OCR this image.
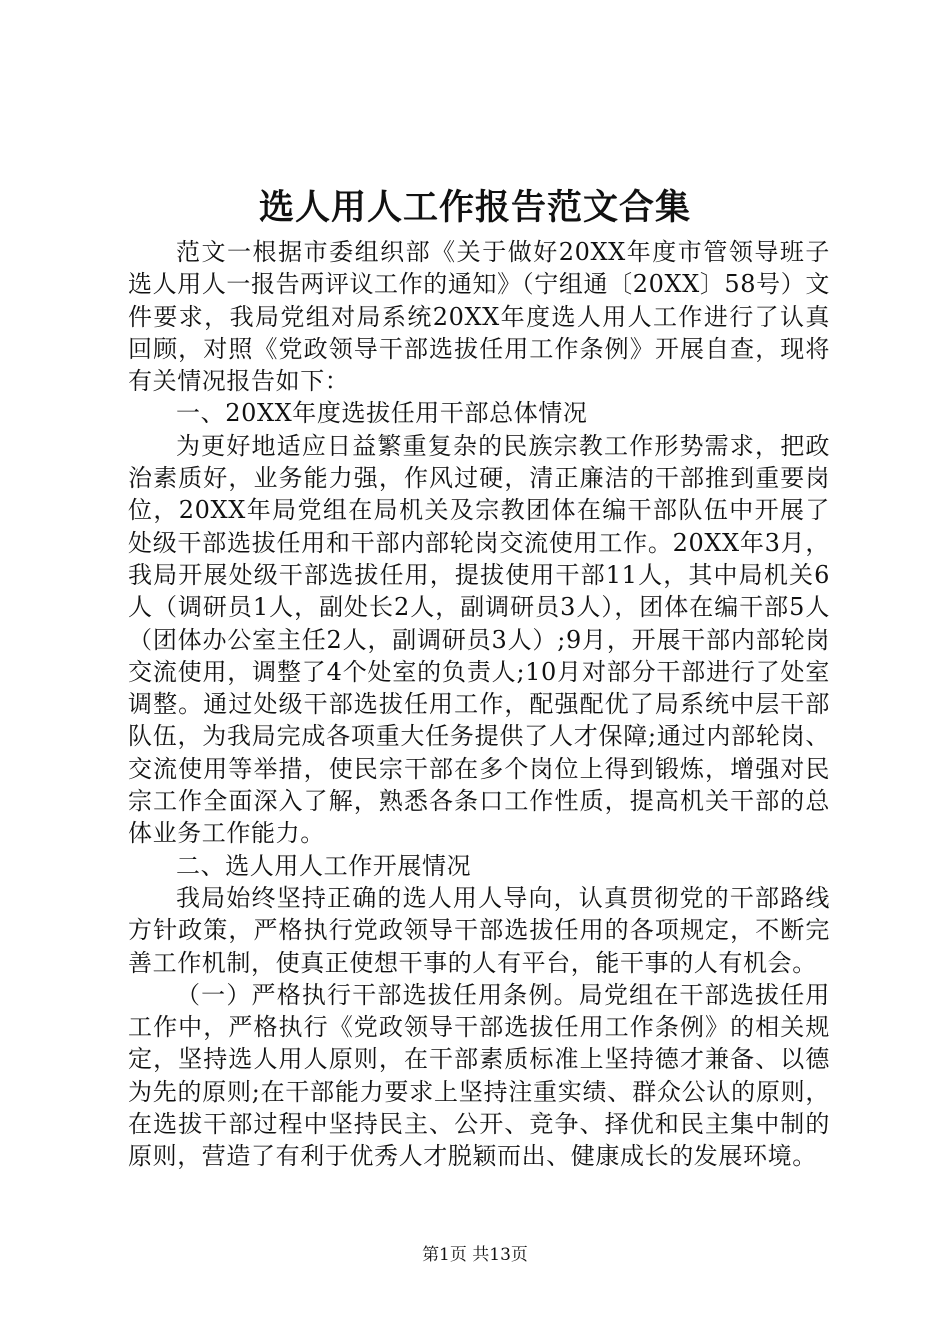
选人用人工作报告范文合集

范文一根据市委组织部《关于做好20XX年度市管领导班子选人用人一报告两评议工作的通知》（宁组通〔20XX〕58号）文件要求，我局党组对局系统20XX年度选人用人工作进行了认真回顾，对照《党政领导干部选拔任用工作条例》开展自查，现将有关情况报告如下：

一、20XX年度选拔任用干部总体情况

为更好地适应日益繁重复杂的民族宗教工作形势需求，把政治素质好，业务能力强，作风过硬，清正廉洁的干部推到重要岗位，20XX年局党组在局机关及宗教团体在编干部队伍中开展了处级干部选拔任用和干部内部轮岗交流使用工作。20XX年3月，我局开展处级干部选拔任用，提拔使用干部11人，其中局机关6人（调研员1人，副处长2人，副调研员3人），团体在编干部5人（团体办公室主任2人，副调研员3人）;9月，开展干部内部轮岗交流使用，调整了4个处室的负责人;10月对部分干部进行了处室调整。通过处级干部选拔任用工作，配强配优了局系统中层干部队伍，为我局完成各项重大任务提供了人才保障;通过内部轮岗、交流使用等举措，使民宗干部在多个岗位上得到锻炼，增强对民宗工作全面深入了解，熟悉各条口工作性质，提高机关干部的总体业务工作能力。

二、选人用人工作开展情况

我局始终坚持正确的选人用人导向，认真贯彻党的干部路线方针政策，严格执行党政领导干部选拔任用的各项规定，不断完善工作机制，使真正使想干事的人有平台，能干事的人有机会。

（一）严格执行干部选拔任用条例。局党组在干部选拔任用工作中，严格执行《党政领导干部选拔任用工作条例》的相关规定，坚持选人用人原则，在干部素质标准上坚持德才兼备、以德为先的原则;在干部能力要求上坚持注重实绩、群众公认的原则，在选拔干部过程中坚持民主、公开、竞争、择优和民主集中制的原则，营造了有利于优秀人才脱颖而出、健康成长的发展环境。

第1页 共13页
